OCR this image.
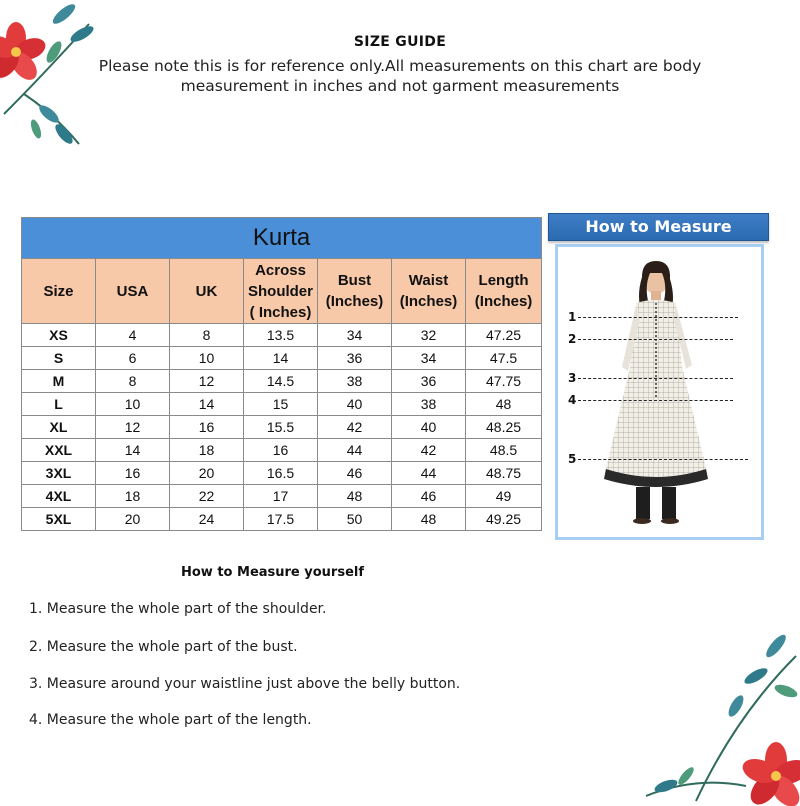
SIZE GUIDE
Please note this is for reference only.All measurements on this chart are body measurement in inches and not garment measurements
Kurta						
Size	USA	UK	Across Shoulder ( Inches)	Bust (Inches)	Waist (Inches)	Length (Inches)
XS	4	8	13.5	34	32	47.25
S	6	10	14	36	34	47.5
M	8	12	14.5	38	36	47.75
L	10	14	15	40	38	48
XL	12	16	15.5	42	40	48.25
XXL	14	18	16	44	42	48.5
3XL	16	20	16.5	46	44	48.75
4XL	18	22	17	48	46	49
5XL	20	24	17.5	50	48	49.25
How to Measure
1
2
3
4
5
How to Measure yourself
1. Measure the whole part of the shoulder.
2. Measure the whole part of the bust.
3. Measure around your waistline just above the belly button.
4. Measure the whole part of the length.
